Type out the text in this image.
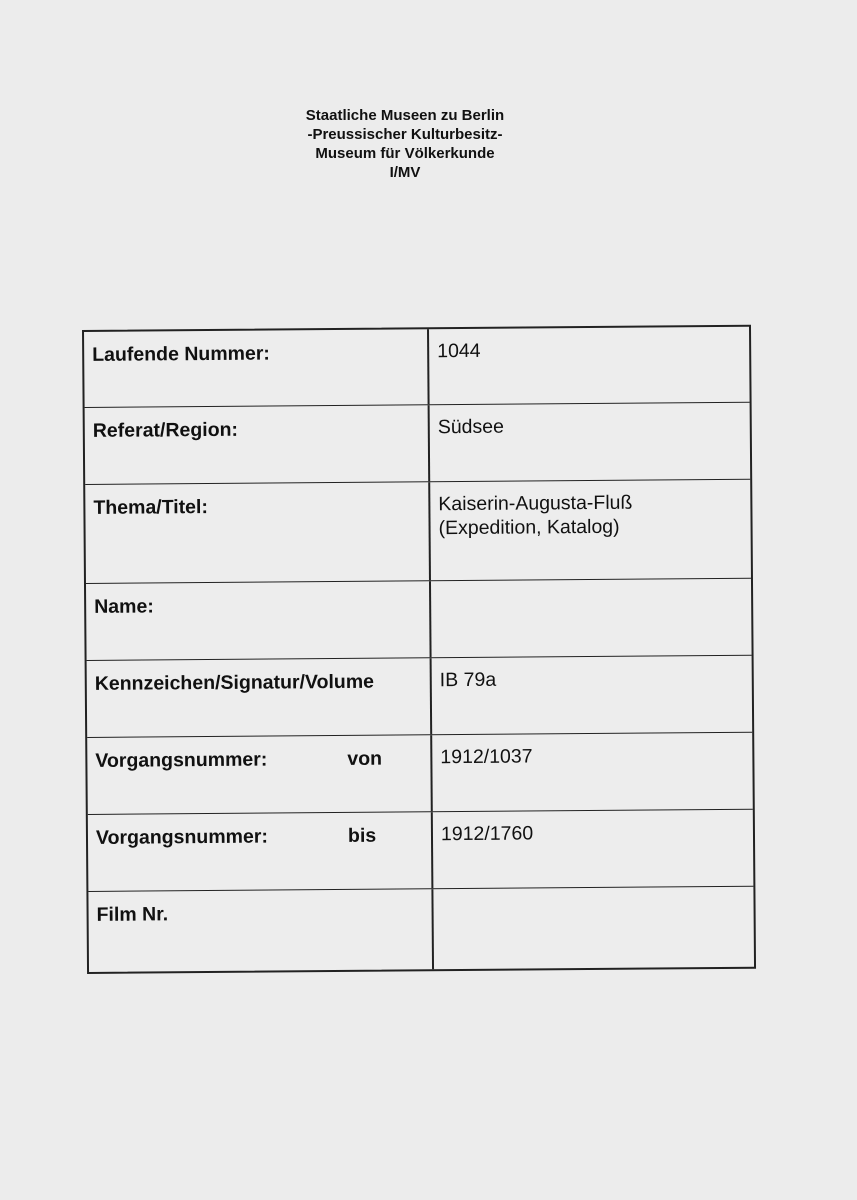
Staatliche Museen zu Berlin
-Preussischer Kulturbesitz-
Museum für Völkerkunde
I/MV
Laufende Nummer:	1044
Referat/Region:	Südsee
Thema/Titel:	Kaiserin-Augusta-Fluß
(Expedition, Katalog)
Name:
Kennzeichen/Signatur/Volume	IB 79a
Vorgangsnummer:	von	1912/1037
Vorgangsnummer:	bis	1912/1760
Film Nr.
